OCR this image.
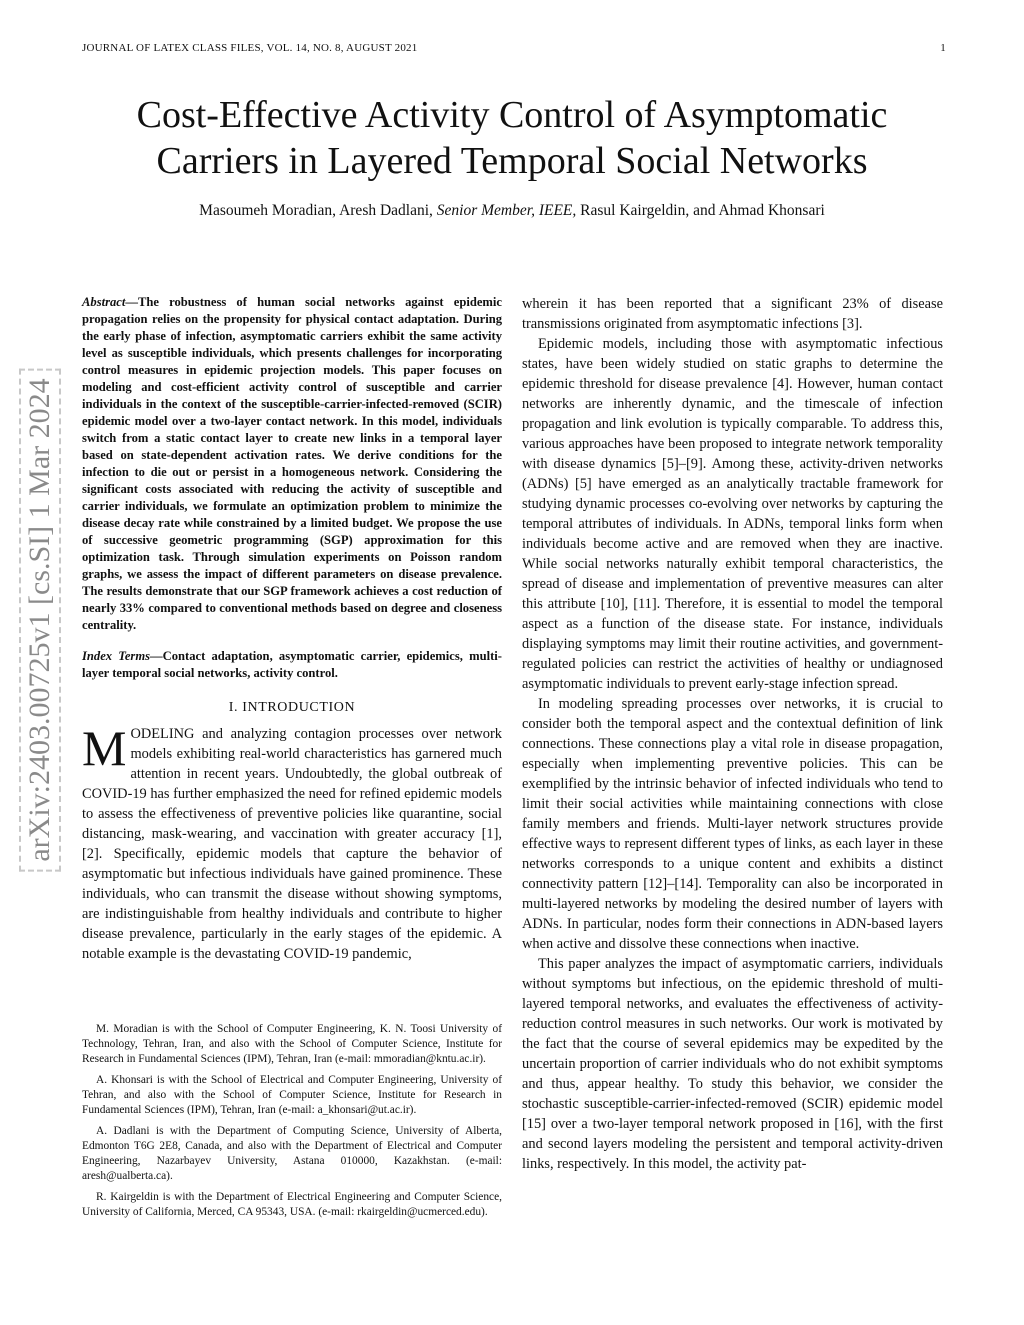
JOURNAL OF LATEX CLASS FILES, VOL. 14, NO. 8, AUGUST 2021	1
Cost-Effective Activity Control of Asymptomatic
Carriers in Layered Temporal Social Networks
Masoumeh Moradian, Aresh Dadlani, Senior Member, IEEE, Rasul Kairgeldin, and Ahmad Khonsari
arXiv:2403.00725v1 [cs.SI] 1 Mar 2024
Abstract—The robustness of human social networks against epidemic propagation relies on the propensity for physical contact adaptation. During the early phase of infection, asymptomatic carriers exhibit the same activity level as susceptible individuals, which presents challenges for incorporating control measures in epidemic projection models. This paper focuses on modeling and cost-efficient activity control of susceptible and carrier individuals in the context of the susceptible-carrier-infected-removed (SCIR) epidemic model over a two-layer contact network. In this model, individuals switch from a static contact layer to create new links in a temporal layer based on state-dependent activation rates. We derive conditions for the infection to die out or persist in a homogeneous network. Considering the significant costs associated with reducing the activity of susceptible and carrier individuals, we formulate an optimization problem to minimize the disease decay rate while constrained by a limited budget. We propose the use of successive geometric programming (SGP) approximation for this optimization task. Through simulation experiments on Poisson random graphs, we assess the impact of different parameters on disease prevalence. The results demonstrate that our SGP framework achieves a cost reduction of nearly 33% compared to conventional methods based on degree and closeness centrality.
Index Terms—Contact adaptation, asymptomatic carrier, epidemics, multi-layer temporal social networks, activity control.
I. INTRODUCTION

MODELING and analyzing contagion processes over network models exhibiting real-world characteristics has garnered much attention in recent years. Undoubtedly, the global outbreak of COVID-19 has further emphasized the need for refined epidemic models to assess the effectiveness of preventive policies like quarantine, social distancing, mask-wearing, and vaccination with greater accuracy [1], [2]. Specifically, epidemic models that capture the behavior of asymptomatic but infectious individuals have gained prominence. These individuals, who can transmit the disease without showing symptoms, are indistinguishable from healthy individuals and contribute to higher disease prevalence, particularly in the early stages of the epidemic. A notable example is the devastating COVID-19 pandemic,

M. Moradian is with the School of Computer Engineering, K. N. Toosi University of Technology, Tehran, Iran, and also with the School of Computer Science, Institute for Research in Fundamental Sciences (IPM), Tehran, Iran (e-mail: mmoradian@kntu.ac.ir).

A. Khonsari is with the School of Electrical and Computer Engineering, University of Tehran, and also with the School of Computer Science, Institute for Research in Fundamental Sciences (IPM), Tehran, Iran (e-mail: a_khonsari@ut.ac.ir).

A. Dadlani is with the Department of Computing Science, University of Alberta, Edmonton T6G 2E8, Canada, and also with the Department of Electrical and Computer Engineering, Nazarbayev University, Astana 010000, Kazakhstan. (e-mail: aresh@ualberta.ca).

R. Kairgeldin is with the Department of Electrical Engineering and Computer Science, University of California, Merced, CA 95343, USA. (e-mail: rkairgeldin@ucmerced.edu).

wherein it has been reported that a significant 23% of disease transmissions originated from asymptomatic infections [3].

Epidemic models, including those with asymptomatic infectious states, have been widely studied on static graphs to determine the epidemic threshold for disease prevalence [4]. However, human contact networks are inherently dynamic, and the timescale of infection propagation and link evolution is typically comparable. To address this, various approaches have been proposed to integrate network temporality with disease dynamics [5]–[9]. Among these, activity-driven networks (ADNs) [5] have emerged as an analytically tractable framework for studying dynamic processes co-evolving over networks by capturing the temporal attributes of individuals. In ADNs, temporal links form when individuals become active and are removed when they are inactive. While social networks naturally exhibit temporal characteristics, the spread of disease and implementation of preventive measures can alter this attribute [10], [11]. Therefore, it is essential to model the temporal aspect as a function of the disease state. For instance, individuals displaying symptoms may limit their routine activities, and government-regulated policies can restrict the activities of healthy or undiagnosed asymptomatic individuals to prevent early-stage infection spread.

In modeling spreading processes over networks, it is crucial to consider both the temporal aspect and the contextual definition of link connections. These connections play a vital role in disease propagation, especially when implementing preventive policies. This can be exemplified by the intrinsic behavior of infected individuals who tend to limit their social activities while maintaining connections with close family members and friends. Multi-layer network structures provide effective ways to represent different types of links, as each layer in these networks corresponds to a unique content and exhibits a distinct connectivity pattern [12]–[14]. Temporality can also be incorporated in multi-layered networks by modeling the desired number of layers with ADNs. In particular, nodes form their connections in ADN-based layers when active and dissolve these connections when inactive.

This paper analyzes the impact of asymptomatic carriers, individuals without symptoms but infectious, on the epidemic threshold of multi-layered temporal networks, and evaluates the effectiveness of activity-reduction control measures in such networks. Our work is motivated by the fact that the course of several epidemics may be expedited by the uncertain proportion of carrier individuals who do not exhibit symptoms and thus, appear healthy. To study this behavior, we consider the stochastic susceptible-carrier-infected-removed (SCIR) epidemic model [15] over a two-layer temporal network proposed in [16], with the first and second layers modeling the persistent and temporal activity-driven links, respectively. In this model, the activity pat-
